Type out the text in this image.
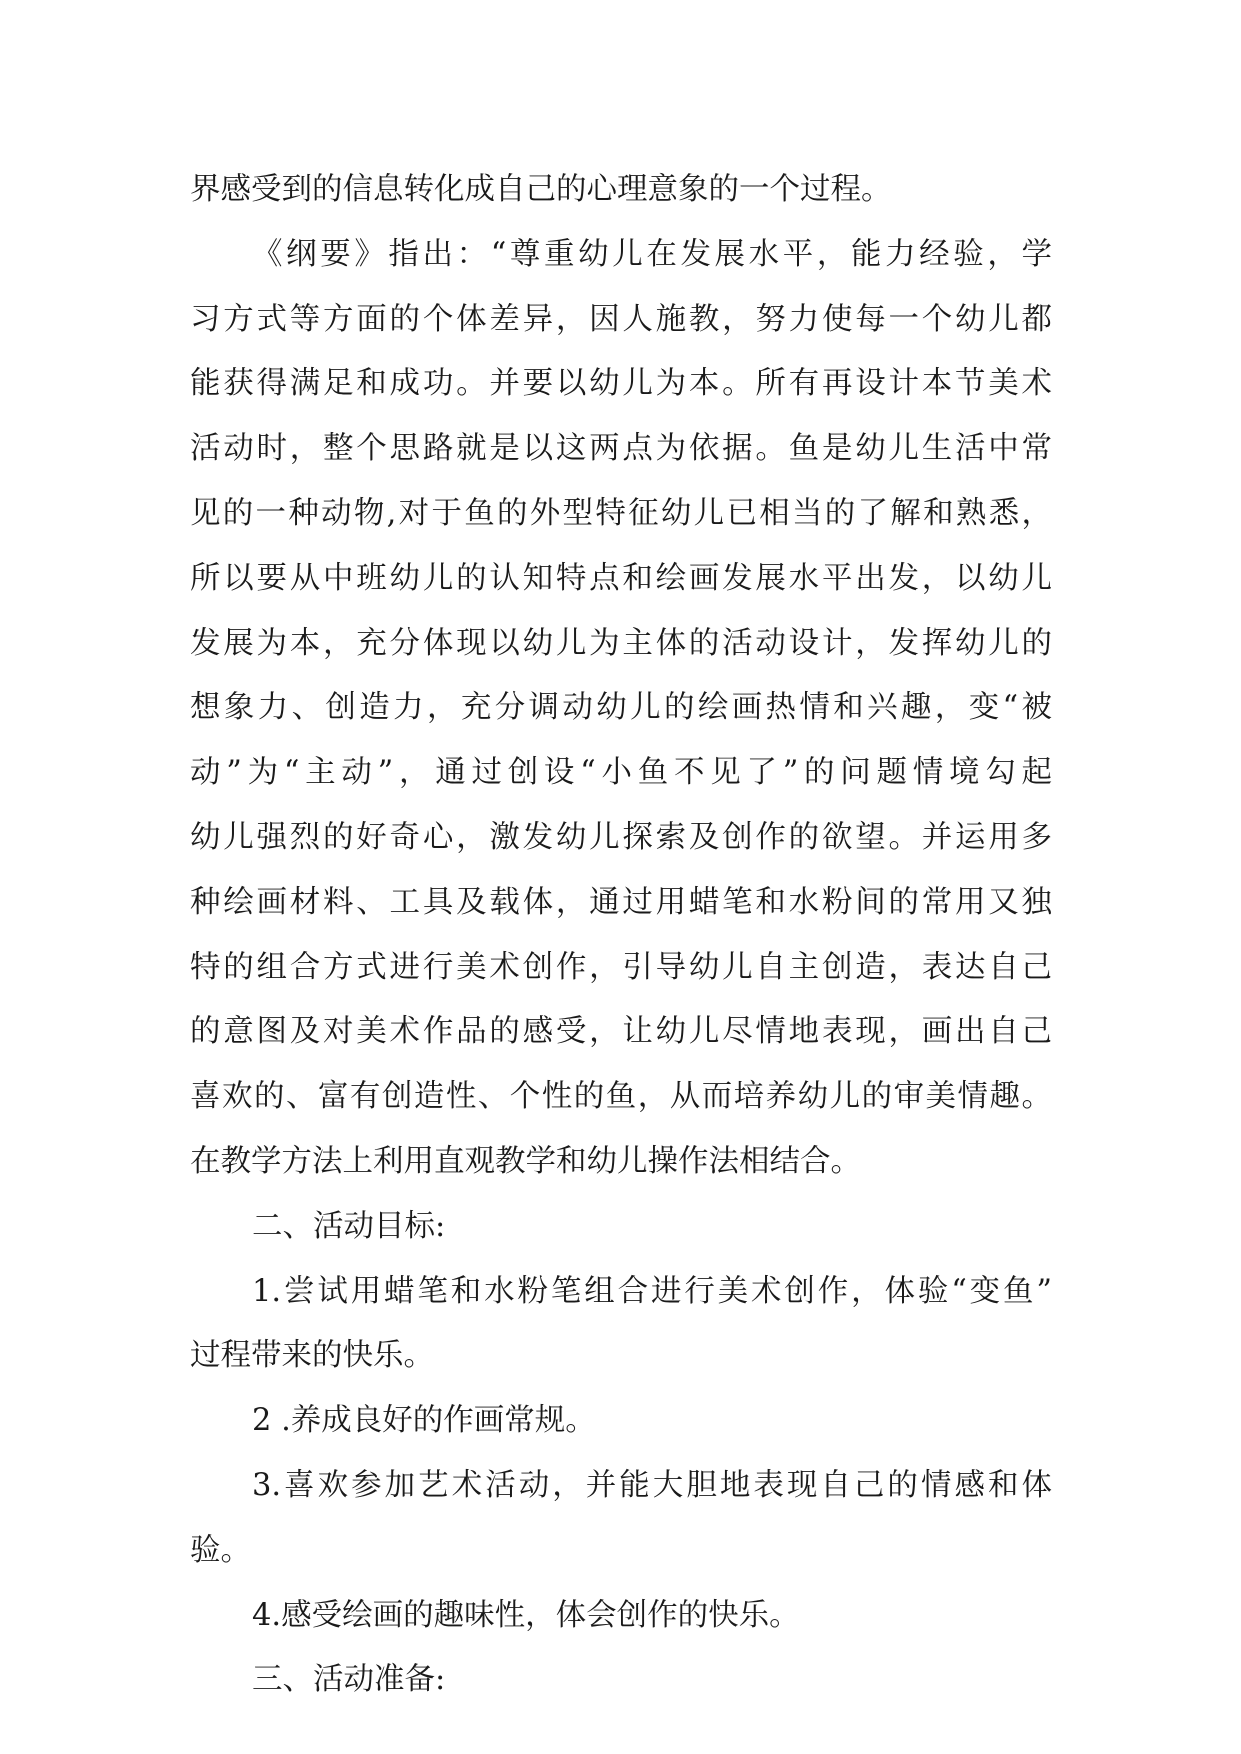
界感受到的信息转化成自己的心理意象的一个过程。
《纲要》指出：“尊重幼儿在发展水平，能力经验，学
习方式等方面的个体差异，因人施教，努力使每一个幼儿都
能获得满足和成功。并要以幼儿为本。所有再设计本节美术
活动时，整个思路就是以这两点为依据。鱼是幼儿生活中常
见的一种动物,对于鱼的外型特征幼儿已相当的了解和熟悉，
所以要从中班幼儿的认知特点和绘画发展水平出发，以幼儿
发展为本，充分体现以幼儿为主体的活动设计，发挥幼儿的
想象力、创造力，充分调动幼儿的绘画热情和兴趣，变“被
动”为“主动”，通过创设“小鱼不见了”的问题情境勾起
幼儿强烈的好奇心，激发幼儿探索及创作的欲望。并运用多
种绘画材料、工具及载体，通过用蜡笔和水粉间的常用又独
特的组合方式进行美术创作，引导幼儿自主创造，表达自己
的意图及对美术作品的感受，让幼儿尽情地表现，画出自己
喜欢的、富有创造性、个性的鱼，从而培养幼儿的审美情趣。
在教学方法上利用直观教学和幼儿操作法相结合。
二、活动目标:
1.尝试用蜡笔和水粉笔组合进行美术创作，体验“变鱼”
过程带来的快乐。
2 .养成良好的作画常规。
3.喜欢参加艺术活动，并能大胆地表现自己的情感和体
验。
4.感受绘画的趣味性，体会创作的快乐。
三、活动准备:
